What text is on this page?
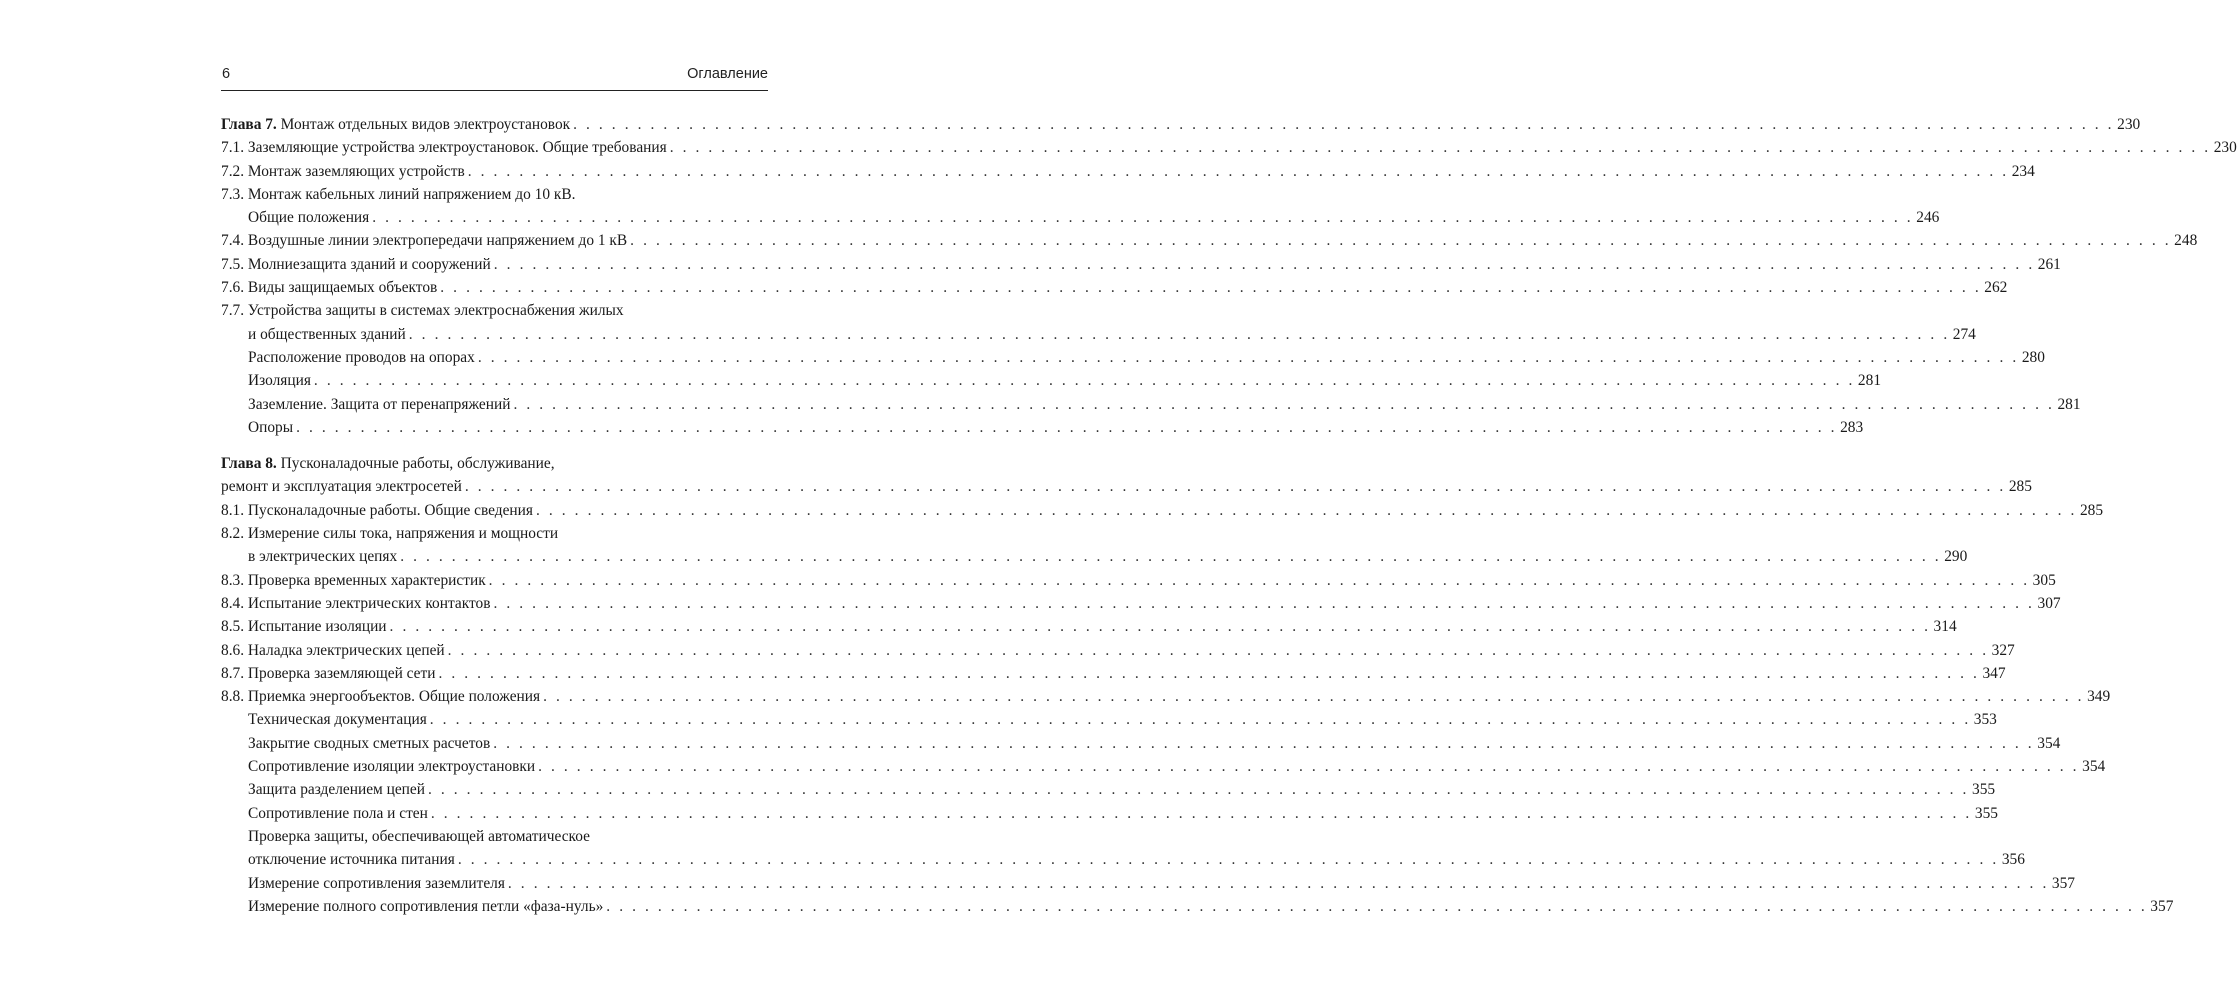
6	Оглавление
Глава 7. Монтаж отдельных видов электроустановок . . . . . . . . . . . . . . . . . . . . . . . . . . . . . . . . . . . . . . . . . . . . . . . . . . . . . . . . . . . . . . . . . . . . . . . . . . . . . . . . . . . . . . . . . . . . . . . . . . . . . . . . . . . . . . . . . . . . . . . . 230
7.1. Заземляющие устройства электроустановок. Общие требования . . . . . . . . . . . . . . . . . . . . . . . . . . . . . . . . . . . . . . . . . . . . . . . . . . . . . . . . . . . . . . . . . . . . . . . . . . . . . . . . . . . . . . . . . . . . . . . . . . . . . . . . . . . . . . . . . . . . . . . . 230
7.2. Монтаж заземляющих устройств . . . . . . . . . . . . . . . . . . . . . . . . . . . . . . . . . . . . . . . . . . . . . . . . . . . . . . . . . . . . . . . . . . . . . . . . . . . . . . . . . . . . . . . . . . . . . . . . . . . . . . . . . . . . . . . . . . . . . . . . 234
7.3. Монтаж кабельных линий напряжением до 10 кВ.
Общие положения . . . . . . . . . . . . . . . . . . . . . . . . . . . . . . . . . . . . . . . . . . . . . . . . . . . . . . . . . . . . . . . . . . . . . . . . . . . . . . . . . . . . . . . . . . . . . . . . . . . . . . . . . . . . . . . . . . . . . . . . 246
7.4. Воздушные линии электропередачи напряжением до 1 кВ . . . . . . . . . . . . . . . . . . . . . . . . . . . . . . . . . . . . . . . . . . . . . . . . . . . . . . . . . . . . . . . . . . . . . . . . . . . . . . . . . . . . . . . . . . . . . . . . . . . . . . . . . . . . . . . . . . . . . . . . 248
7.5. Молниезащита зданий и сооружений . . . . . . . . . . . . . . . . . . . . . . . . . . . . . . . . . . . . . . . . . . . . . . . . . . . . . . . . . . . . . . . . . . . . . . . . . . . . . . . . . . . . . . . . . . . . . . . . . . . . . . . . . . . . . . . . . . . . . . . . 261
7.6. Виды защищаемых объектов . . . . . . . . . . . . . . . . . . . . . . . . . . . . . . . . . . . . . . . . . . . . . . . . . . . . . . . . . . . . . . . . . . . . . . . . . . . . . . . . . . . . . . . . . . . . . . . . . . . . . . . . . . . . . . . . . . . . . . . . 262
7.7. Устройства защиты в системах электроснабжения жилых
и общественных зданий . . . . . . . . . . . . . . . . . . . . . . . . . . . . . . . . . . . . . . . . . . . . . . . . . . . . . . . . . . . . . . . . . . . . . . . . . . . . . . . . . . . . . . . . . . . . . . . . . . . . . . . . . . . . . . . . . . . . . . . . 274
Расположение проводов на опорах . . . . . . . . . . . . . . . . . . . . . . . . . . . . . . . . . . . . . . . . . . . . . . . . . . . . . . . . . . . . . . . . . . . . . . . . . . . . . . . . . . . . . . . . . . . . . . . . . . . . . . . . . . . . . . . . . . . . . . . . 280
Изоляция . . . . . . . . . . . . . . . . . . . . . . . . . . . . . . . . . . . . . . . . . . . . . . . . . . . . . . . . . . . . . . . . . . . . . . . . . . . . . . . . . . . . . . . . . . . . . . . . . . . . . . . . . . . . . . . . . . . . . . . . 281
Заземление. Защита от перенапряжений . . . . . . . . . . . . . . . . . . . . . . . . . . . . . . . . . . . . . . . . . . . . . . . . . . . . . . . . . . . . . . . . . . . . . . . . . . . . . . . . . . . . . . . . . . . . . . . . . . . . . . . . . . . . . . . . . . . . . . . . 281
Опоры . . . . . . . . . . . . . . . . . . . . . . . . . . . . . . . . . . . . . . . . . . . . . . . . . . . . . . . . . . . . . . . . . . . . . . . . . . . . . . . . . . . . . . . . . . . . . . . . . . . . . . . . . . . . . . . . . . . . . . . . 283
Глава 8. Пусконаладочные работы, обслуживание,
ремонт и эксплуатация электросетей . . . . . . . . . . . . . . . . . . . . . . . . . . . . . . . . . . . . . . . . . . . . . . . . . . . . . . . . . . . . . . . . . . . . . . . . . . . . . . . . . . . . . . . . . . . . . . . . . . . . . . . . . . . . . . . . . . . . . . . . 285
8.1. Пусконаладочные работы. Общие сведения . . . . . . . . . . . . . . . . . . . . . . . . . . . . . . . . . . . . . . . . . . . . . . . . . . . . . . . . . . . . . . . . . . . . . . . . . . . . . . . . . . . . . . . . . . . . . . . . . . . . . . . . . . . . . . . . . . . . . . . . 285
8.2. Измерение силы тока, напряжения и мощности
в электрических цепях . . . . . . . . . . . . . . . . . . . . . . . . . . . . . . . . . . . . . . . . . . . . . . . . . . . . . . . . . . . . . . . . . . . . . . . . . . . . . . . . . . . . . . . . . . . . . . . . . . . . . . . . . . . . . . . . . . . . . . . . 290
8.3. Проверка временных характеристик . . . . . . . . . . . . . . . . . . . . . . . . . . . . . . . . . . . . . . . . . . . . . . . . . . . . . . . . . . . . . . . . . . . . . . . . . . . . . . . . . . . . . . . . . . . . . . . . . . . . . . . . . . . . . . . . . . . . . . . . 305
8.4. Испытание электрических контактов . . . . . . . . . . . . . . . . . . . . . . . . . . . . . . . . . . . . . . . . . . . . . . . . . . . . . . . . . . . . . . . . . . . . . . . . . . . . . . . . . . . . . . . . . . . . . . . . . . . . . . . . . . . . . . . . . . . . . . . . 307
8.5. Испытание изоляции . . . . . . . . . . . . . . . . . . . . . . . . . . . . . . . . . . . . . . . . . . . . . . . . . . . . . . . . . . . . . . . . . . . . . . . . . . . . . . . . . . . . . . . . . . . . . . . . . . . . . . . . . . . . . . . . . . . . . . . . 314
8.6. Наладка электрических цепей . . . . . . . . . . . . . . . . . . . . . . . . . . . . . . . . . . . . . . . . . . . . . . . . . . . . . . . . . . . . . . . . . . . . . . . . . . . . . . . . . . . . . . . . . . . . . . . . . . . . . . . . . . . . . . . . . . . . . . . . 327
8.7. Проверка заземляющей сети . . . . . . . . . . . . . . . . . . . . . . . . . . . . . . . . . . . . . . . . . . . . . . . . . . . . . . . . . . . . . . . . . . . . . . . . . . . . . . . . . . . . . . . . . . . . . . . . . . . . . . . . . . . . . . . . . . . . . . . . 347
8.8. Приемка энергообъектов. Общие положения . . . . . . . . . . . . . . . . . . . . . . . . . . . . . . . . . . . . . . . . . . . . . . . . . . . . . . . . . . . . . . . . . . . . . . . . . . . . . . . . . . . . . . . . . . . . . . . . . . . . . . . . . . . . . . . . . . . . . . . . 349
Техническая документация . . . . . . . . . . . . . . . . . . . . . . . . . . . . . . . . . . . . . . . . . . . . . . . . . . . . . . . . . . . . . . . . . . . . . . . . . . . . . . . . . . . . . . . . . . . . . . . . . . . . . . . . . . . . . . . . . . . . . . . . 353
Закрытие сводных сметных расчетов . . . . . . . . . . . . . . . . . . . . . . . . . . . . . . . . . . . . . . . . . . . . . . . . . . . . . . . . . . . . . . . . . . . . . . . . . . . . . . . . . . . . . . . . . . . . . . . . . . . . . . . . . . . . . . . . . . . . . . . . 354
Сопротивление изоляции электроустановки . . . . . . . . . . . . . . . . . . . . . . . . . . . . . . . . . . . . . . . . . . . . . . . . . . . . . . . . . . . . . . . . . . . . . . . . . . . . . . . . . . . . . . . . . . . . . . . . . . . . . . . . . . . . . . . . . . . . . . . . 354
Защита разделением цепей . . . . . . . . . . . . . . . . . . . . . . . . . . . . . . . . . . . . . . . . . . . . . . . . . . . . . . . . . . . . . . . . . . . . . . . . . . . . . . . . . . . . . . . . . . . . . . . . . . . . . . . . . . . . . . . . . . . . . . . . 355
Сопротивление пола и стен . . . . . . . . . . . . . . . . . . . . . . . . . . . . . . . . . . . . . . . . . . . . . . . . . . . . . . . . . . . . . . . . . . . . . . . . . . . . . . . . . . . . . . . . . . . . . . . . . . . . . . . . . . . . . . . . . . . . . . . . 355
Проверка защиты, обеспечивающей автоматическое
отключение источника питания . . . . . . . . . . . . . . . . . . . . . . . . . . . . . . . . . . . . . . . . . . . . . . . . . . . . . . . . . . . . . . . . . . . . . . . . . . . . . . . . . . . . . . . . . . . . . . . . . . . . . . . . . . . . . . . . . . . . . . . . 356
Измерение сопротивления заземлителя . . . . . . . . . . . . . . . . . . . . . . . . . . . . . . . . . . . . . . . . . . . . . . . . . . . . . . . . . . . . . . . . . . . . . . . . . . . . . . . . . . . . . . . . . . . . . . . . . . . . . . . . . . . . . . . . . . . . . . . . 357
Измерение полного сопротивления петли «фаза-нуль» . . . . . . . . . . . . . . . . . . . . . . . . . . . . . . . . . . . . . . . . . . . . . . . . . . . . . . . . . . . . . . . . . . . . . . . . . . . . . . . . . . . . . . . . . . . . . . . . . . . . . . . . . . . . . . . . . . . . . . . . 357
